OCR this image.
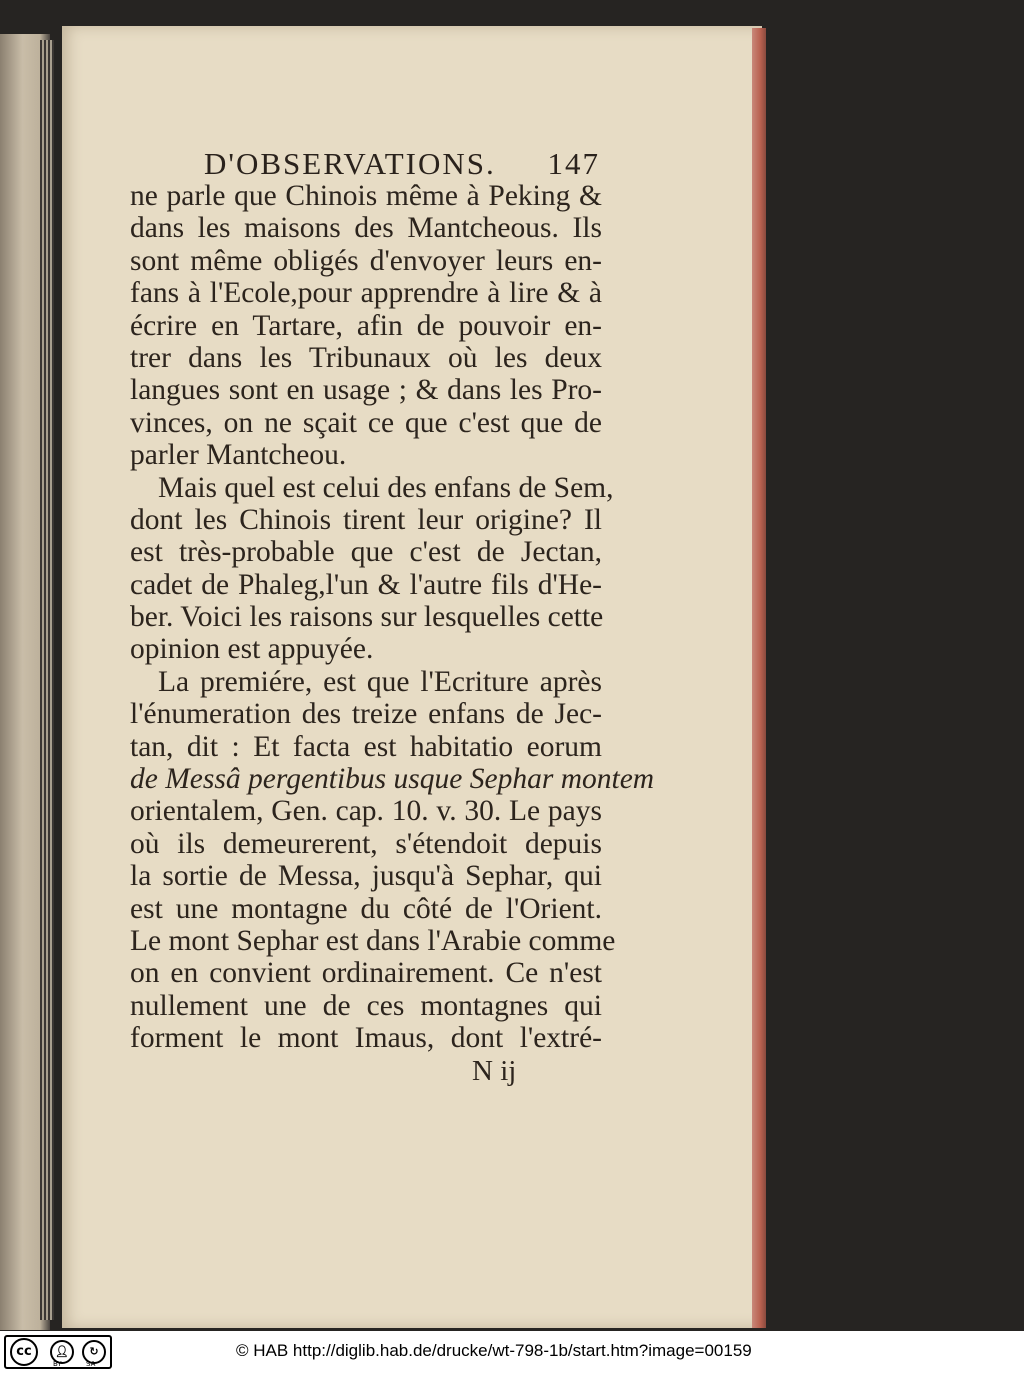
D'OBSERVATIONS. 147
ne parle que Chinois même à Peking &
dans les maisons des Mantcheous. Ils
sont même obligés d'envoyer leurs en-
fans à l'Ecole,pour apprendre à lire & à
écrire en Tartare, afin de pouvoir en-
trer dans les Tribunaux où les deux
langues sont en usage ; & dans les Pro-
vinces, on ne sçait ce que c'est que de
parler Mantcheou.
Mais quel est celui des enfans de Sem,
dont les Chinois tirent leur origine? Il
est très-probable que c'est de Jectan,
cadet de Phaleg,l'un & l'autre fils d'He-
ber. Voici les raisons sur lesquelles cette
opinion est appuyée.
La premiére, est que l'Ecriture après
l'énumeration des treize enfans de Jec-
tan, dit : Et facta est habitatio eorum
de Messâ pergentibus usque Sephar montem
orientalem, Gen. cap. 10. v. 30. Le pays
où ils demeurerent, s'étendoit depuis
la sortie de Messa, jusqu'à Sephar, qui
est une montagne du côté de l'Orient.
Le mont Sephar est dans l'Arabie comme
on en convient ordinairement. Ce n'est
nullement une de ces montagnes qui
forment le mont Imaus, dont l'extré-
N ij
cc	👤︎
BY
↻
SA
© HAB http://diglib.hab.de/drucke/wt-798-1b/start.htm?image=00159
